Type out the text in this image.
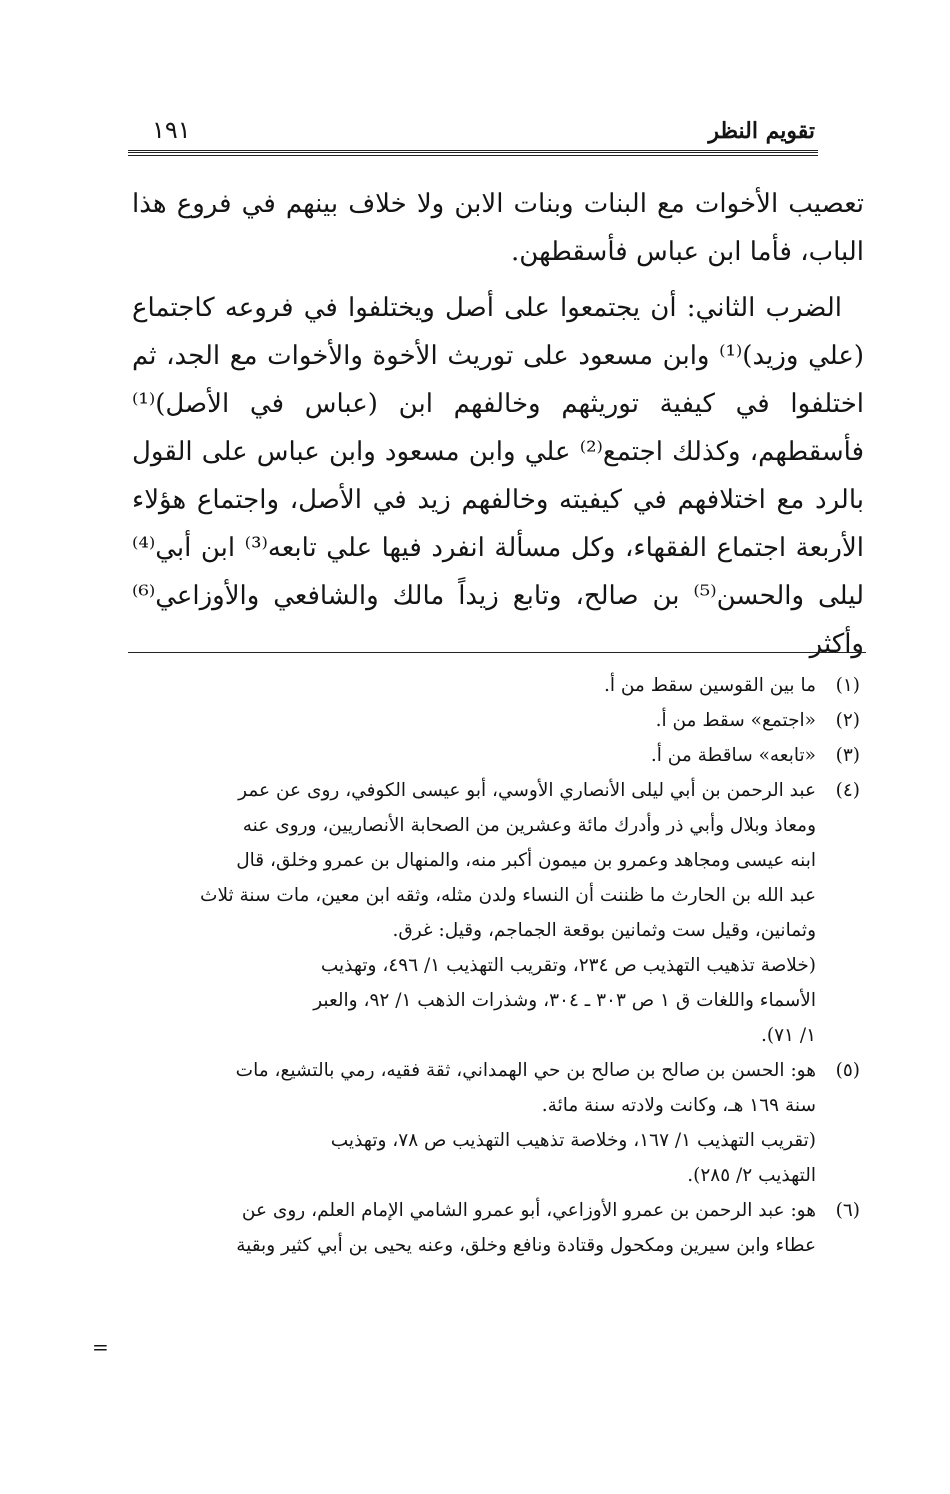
تقويم النظر
١٩١

تعصيب الأخوات مع البنات وبنات الابن ولا خلاف بينهم في فروع هذا الباب، فأما ابن عباس فأسقطهن.

الضرب الثاني: أن يجتمعوا على أصل ويختلفوا في فروعه كاجتماع (علي وزيد)⁽¹⁾ وابن مسعود على توريث الأخوة والأخوات مع الجد، ثم اختلفوا في كيفية توريثهم وخالفهم ابن (عباس في الأصل)⁽¹⁾ فأسقطهم، وكذلك اجتمع⁽²⁾ علي وابن مسعود وابن عباس على القول بالرد مع اختلافهم في كيفيته وخالفهم زيد في الأصل، واجتماع هؤلاء الأربعة اجتماع الفقهاء، وكل مسألة انفرد فيها علي تابعه⁽³⁾ ابن أبي⁽⁴⁾ ليلى والحسن⁽⁵⁾ بن صالح، وتابع زيداً مالك والشافعي والأوزاعي⁽⁶⁾ وأكثر

(١)
ما بين القوسين سقط من أ.
(٢)
«اجتمع» سقط من أ.
(٣)
«تابعه» ساقطة من أ.
(٤)
عبد الرحمن بن أبي ليلى الأنصاري الأوسي، أبو عيسى الكوفي، روى عن عمر
ومعاذ وبلال وأبي ذر وأدرك مائة وعشرين من الصحابة الأنصاريين، وروى عنه
ابنه عيسى ومجاهد وعمرو بن ميمون أكبر منه، والمنهال بن عمرو وخلق، قال
عبد الله بن الحارث ما ظننت أن النساء ولدن مثله، وثقه ابن معين، مات سنة ثلاث
وثمانين، وقيل ست وثمانين بوقعة الجماجم، وقيل: غرق.
(خلاصة تذهيب التهذيب ص ٢٣٤، وتقريب التهذيب ١/ ٤٩٦، وتهذيب
الأسماء واللغات ق ١ ص ٣٠٣ ـ ٣٠٤، وشذرات الذهب ١/ ٩٢، والعبر
١/ ٧١).
(٥)
هو: الحسن بن صالح بن صالح بن حي الهمداني، ثقة فقيه، رمي بالتشيع، مات
سنة ١٦٩ هـ، وكانت ولادته سنة مائة.
(تقريب التهذيب ١/ ١٦٧، وخلاصة تذهيب التهذيب ص ٧٨، وتهذيب
التهذيب ٢/ ٢٨٥).
(٦)
هو: عبد الرحمن بن عمرو الأوزاعي، أبو عمرو الشامي الإمام العلم، روى عن
عطاء وابن سيرين ومكحول وقتادة ونافع وخلق، وعنه يحيى بن أبي كثير وبقية
=
